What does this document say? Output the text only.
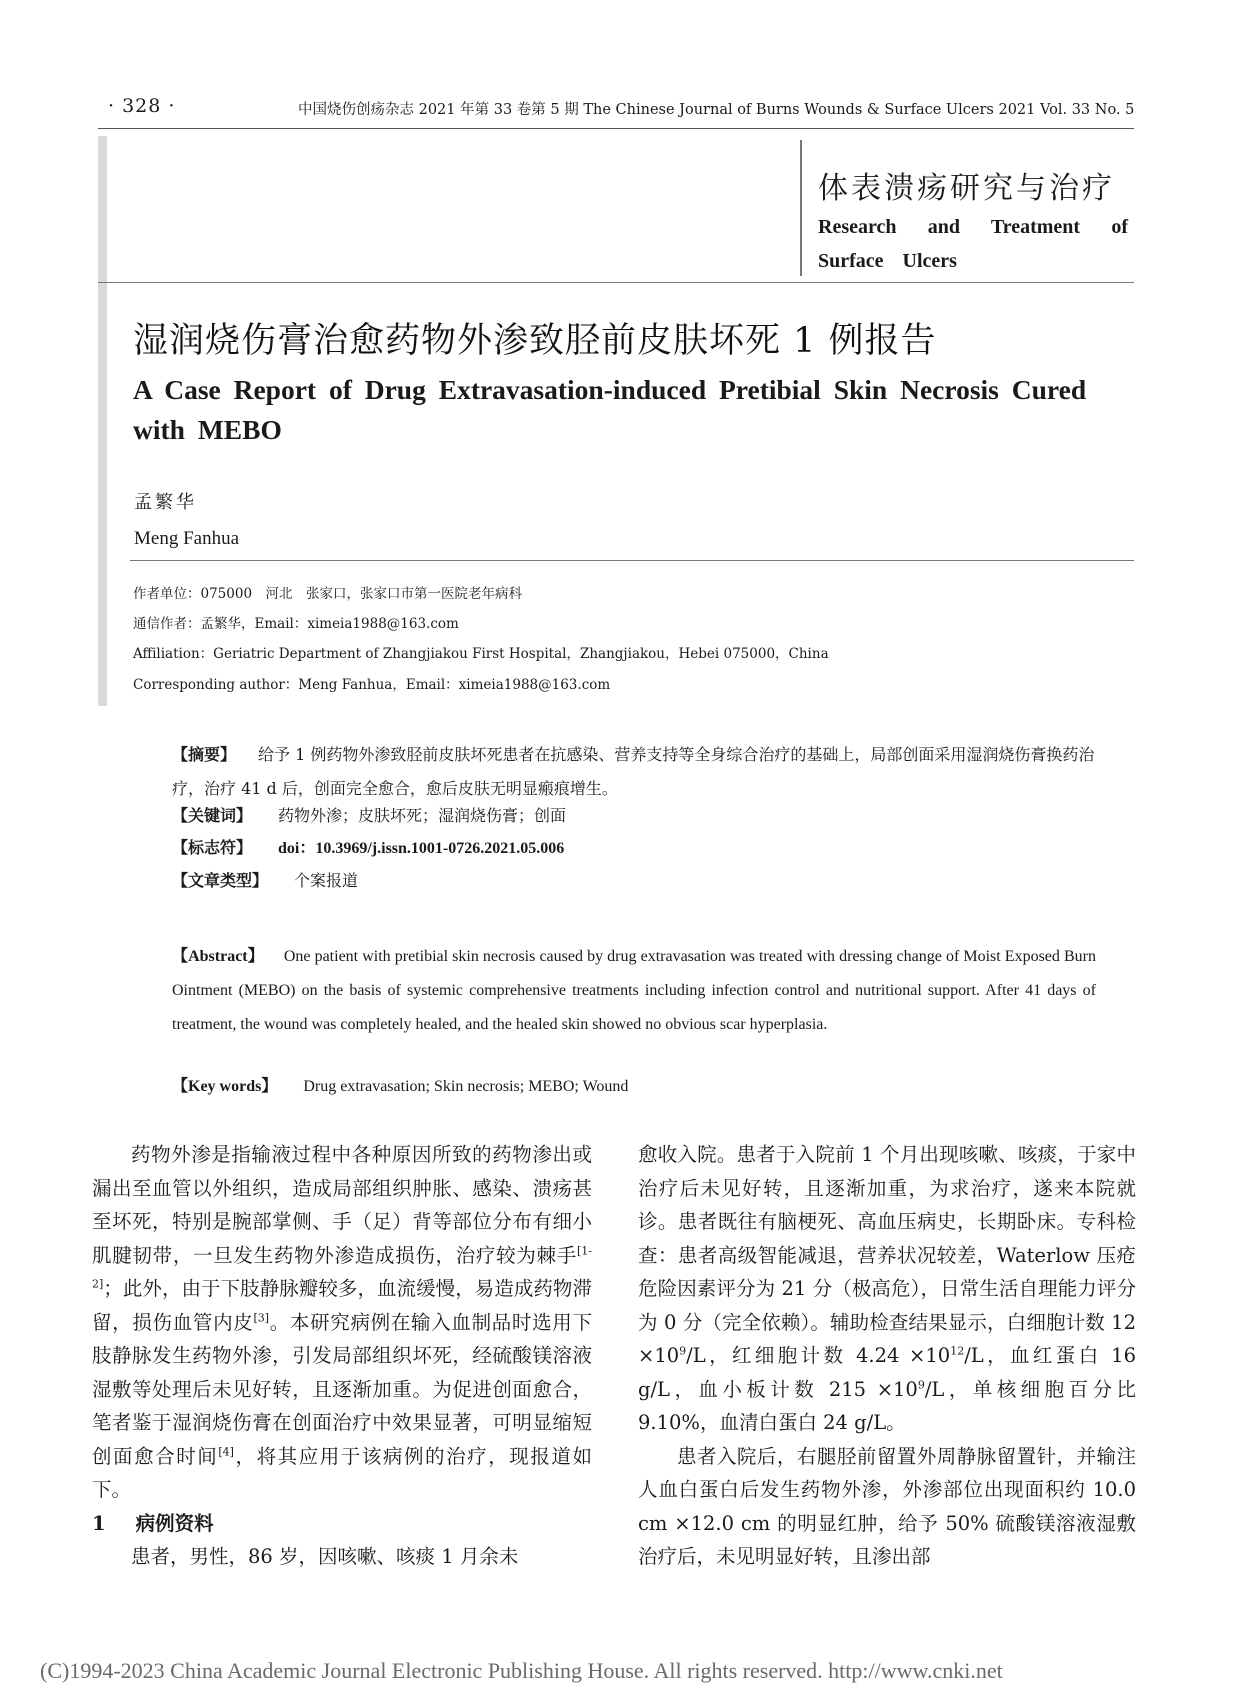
· 328 ·	中国烧伤创疡杂志 2021 年第 33 卷第 5 期 The Chinese Journal of Burns Wounds & Surface Ulcers 2021 Vol. 33 No. 5
体表溃疡研究与治疗
Research and Treatment of Surface Ulcers
湿润烧伤膏治愈药物外渗致胫前皮肤坏死 1 例报告
A Case Report of Drug Extravasation-induced Pretibial Skin Necrosis Cured with MEBO
孟繁华
Meng Fanhua
作者单位：075000　河北　张家口，张家口市第一医院老年病科
通信作者：孟繁华，Email：ximeia1988@163.com
Affiliation：Geriatric Department of Zhangjiakou First Hospital，Zhangjiakou，Hebei 075000，China
Corresponding author：Meng Fanhua，Email：ximeia1988@163.com
【摘要】 给予 1 例药物外渗致胫前皮肤坏死患者在抗感染、营养支持等全身综合治疗的基础上，局部创面采用湿润烧伤膏换药治疗，治疗 41 d 后，创面完全愈合，愈后皮肤无明显瘢痕增生。
【关键词】 药物外渗；皮肤坏死；湿润烧伤膏；创面
【标志符】 doi：10.3969/j.issn.1001-0726.2021.05.006
【文章类型】 个案报道
【Abstract】 One patient with pretibial skin necrosis caused by drug extravasation was treated with dressing change of Moist Exposed Burn Ointment (MEBO) on the basis of systemic comprehensive treatments including infection control and nutritional support. After 41 days of treatment, the wound was completely healed, and the healed skin showed no obvious scar hyperplasia.
【Key words】 Drug extravasation; Skin necrosis; MEBO; Wound

药物外渗是指输液过程中各种原因所致的药物渗出或漏出至血管以外组织，造成局部组织肿胀、感染、溃疡甚至坏死，特别是腕部掌侧、手（足）背等部位分布有细小肌腱韧带，一旦发生药物外渗造成损伤，治疗较为棘手[1-2]；此外，由于下肢静脉瓣较多，血流缓慢，易造成药物滞留，损伤血管内皮[3]。本研究病例在输入血制品时选用下肢静脉发生药物外渗，引发局部组织坏死，经硫酸镁溶液湿敷等处理后未见好转，且逐渐加重。为促进创面愈合，笔者鉴于湿润烧伤膏在创面治疗中效果显著，可明显缩短创面愈合时间[4]，将其应用于该病例的治疗，现报道如下。

1 病例资料

患者，男性，86 岁，因咳嗽、咳痰 1 月余未

愈收入院。患者于入院前 1 个月出现咳嗽、咳痰，于家中治疗后未见好转，且逐渐加重，为求治疗，遂来本院就诊。患者既往有脑梗死、高血压病史，长期卧床。专科检查：患者高级智能减退，营养状况较差，Waterlow 压疮危险因素评分为 21 分（极高危），日常生活自理能力评分为 0 分（完全依赖）。辅助检查结果显示，白细胞计数 $12 \times 10^9/L$，红细胞计数 $4.24 \times 10^{12}/L$，血红蛋白 16 g/L，血小板计数 $215 \times 10^9/L$，单核细胞百分比 9.10%，血清白蛋白 24 g/L。

患者入院后，右腿胫前留置外周静脉留置针，并输注人血白蛋白后发生药物外渗，外渗部位出现面积约 10.0 cm ×12.0 cm 的明显红肿，给予 50% 硫酸镁溶液湿敷治疗后，未见明显好转，且渗出部

(C)1994-2023 China Academic Journal Electronic Publishing House. All rights reserved. http://www.cnki.net
